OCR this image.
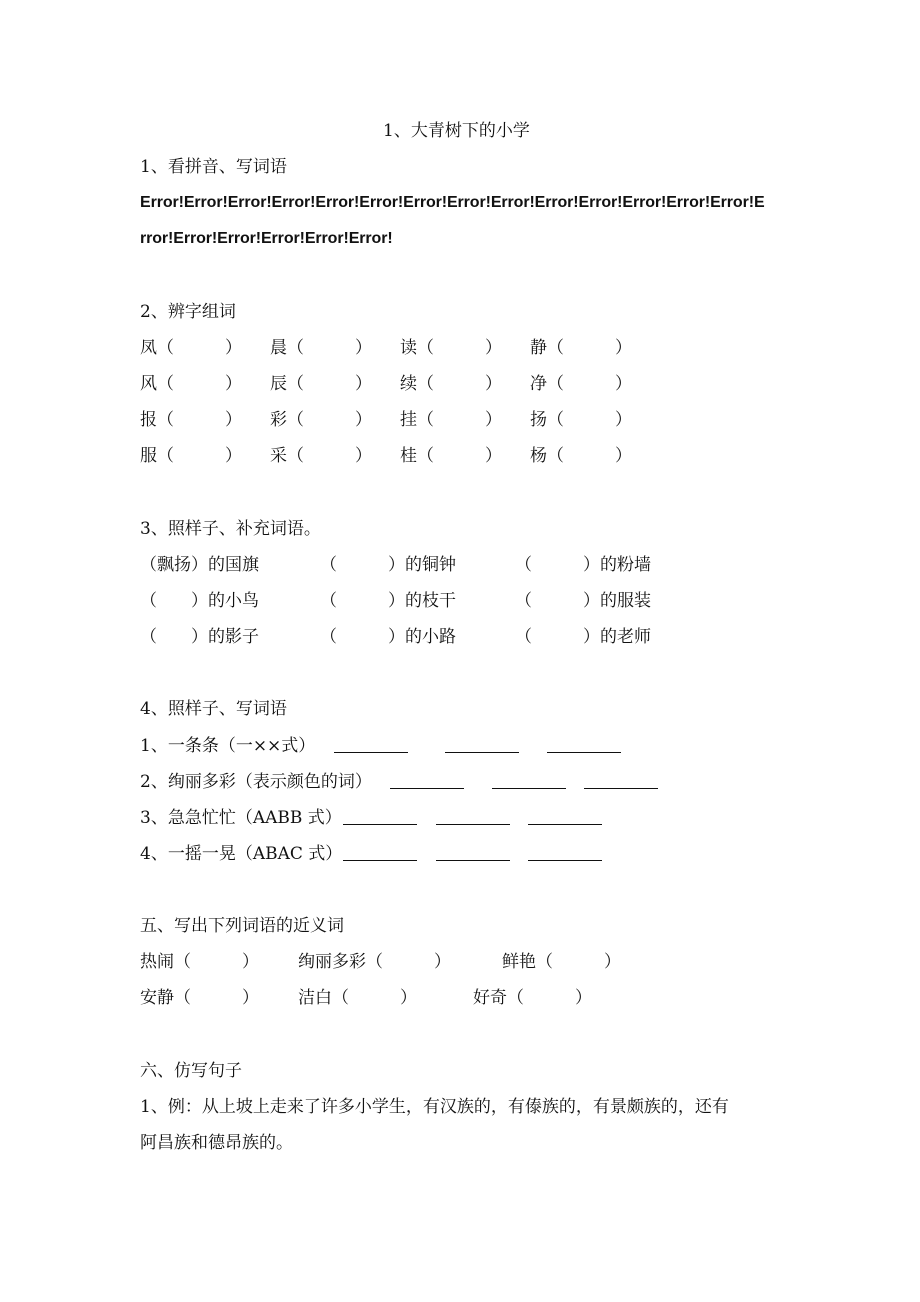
1、大青树下的小学
1、看拼音、写词语
Error!Error!Error!Error!Error!Error!Error!Error!Error!Error!Error!Error!Error!Error!E
rror!Error!Error!Error!Error!Error!
2、辨字组词
凤（　　　） 晨（　　　） 读（　　　） 静（　　　）
风（　　　） 辰（　　　） 续（　　　） 净（　　　）
报（　　　） 彩（　　　） 挂（　　　） 扬（　　　）
服（　　　） 采（　　　） 桂（　　　） 杨（　　　）
3、照样子、补充词语。
（飘扬）的国旗	（　　　）的铜钟	（　　　）的粉墙
（　　）的小鸟	（　　　）的枝干	（　　　）的服装
（　　）的影子	（　　　）的小路	（　　　）的老师
4、照样子、写词语
1、一条条（一××式）
2、绚丽多彩（表示颜色的词）
3、急急忙忙（AABB 式）
4、一摇一晃（ABAC 式）
五、写出下列词语的近义词
热闹（　　　） 绚丽多彩（　　　）	鲜艳（　　　）
安静（　　　） 洁白（　　　）	好奇（　　　）
六、仿写句子
1、例：从上坡上走来了许多小学生，有汉族的，有傣族的，有景颇族的，还有
阿昌族和德昂族的。
